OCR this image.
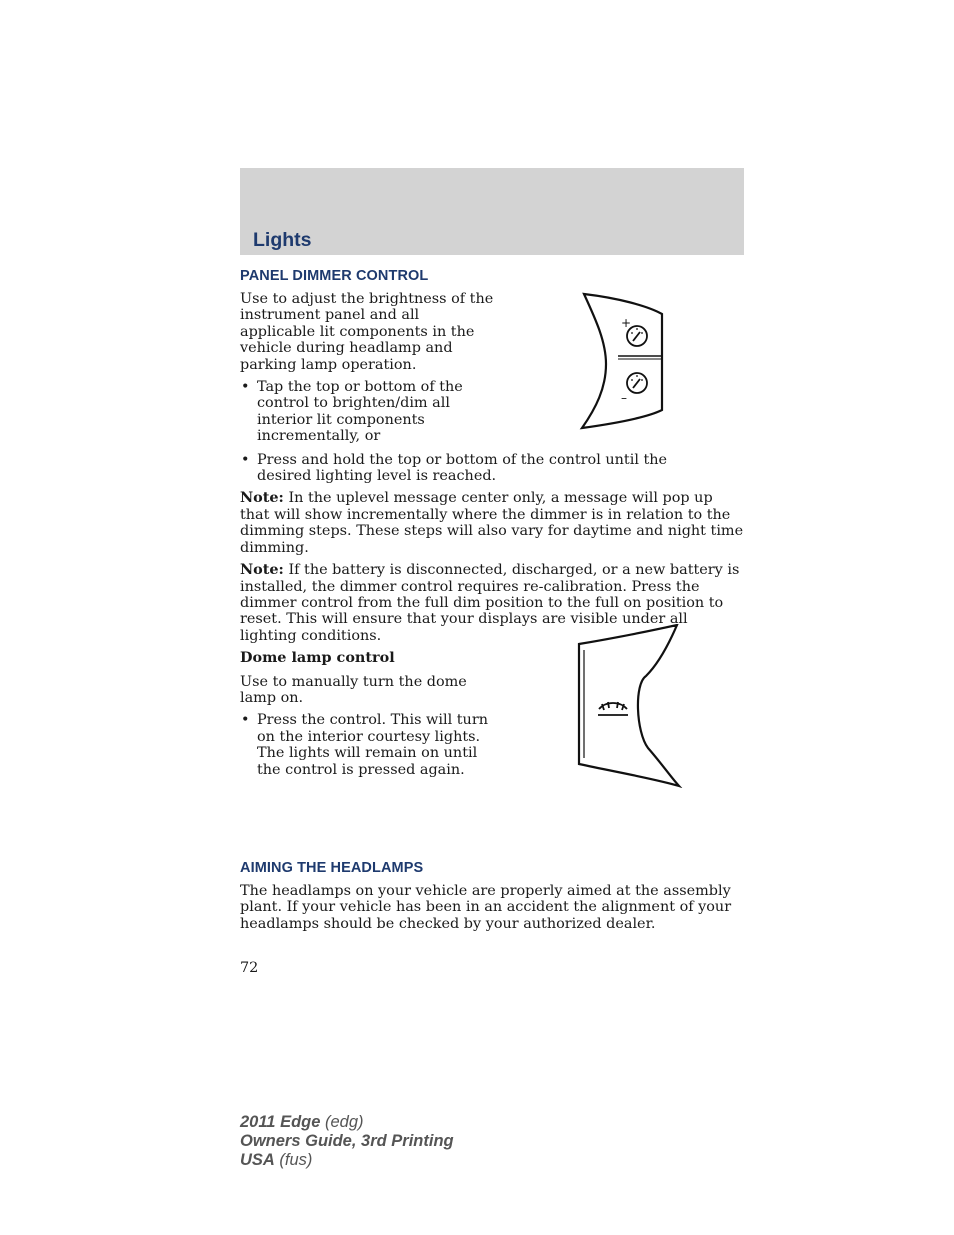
Lights
+
–
PANEL DIMMER CONTROL

Use to adjust the brightness of the instrument panel and all applicable lit components in the vehicle during headlamp and parking lamp operation.

• Tap the top or bottom of the control to brighten/dim all interior lit components incrementally, or

• Press and hold the top or bottom of the control until the desired lighting level is reached.

Note: In the uplevel message center only, a message will pop up that will show incrementally where the dimmer is in relation to the dimming steps. These steps will also vary for daytime and night time dimming.

Note: If the battery is disconnected, discharged, or a new battery is installed, the dimmer control requires re-calibration. Press the dimmer control from the full dim position to the full on position to reset. This will ensure that your displays are visible under all lighting conditions.

Dome lamp control

Use to manually turn the dome lamp on.

• Press the control. This will turn on the interior courtesy lights. The lights will remain on until the control is pressed again.

AIMING THE HEADLAMPS

The headlamps on your vehicle are properly aimed at the assembly plant. If your vehicle has been in an accident the alignment of your headlamps should be checked by your authorized dealer.

72

2011 Edge (edg)
Owners Guide, 3rd Printing
USA (fus)
